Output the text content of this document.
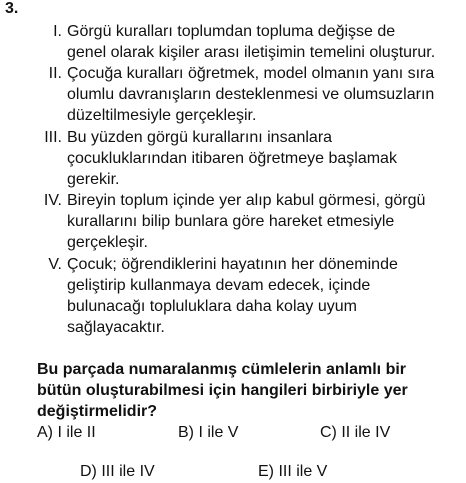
3.
I. Görgü kuralları toplumdan topluma değişse de
genel olarak kişiler arası iletişimin temelini oluşturur.
II. Çocuğa kuralları öğretmek, model olmanın yanı sıra
olumlu davranışların desteklenmesi ve olumsuzların
düzeltilmesiyle gerçekleşir.
III. Bu yüzden görgü kurallarını insanlara
çocukluklarından itibaren öğretmeye başlamak
gerekir.
IV. Bireyin toplum içinde yer alıp kabul görmesi, görgü
kurallarını bilip bunlara göre hareket etmesiyle
gerçekleşir.
V. Çocuk; öğrendiklerini hayatının her döneminde
geliştirip kullanmaya devam edecek, içinde
bulunacağı topluluklara daha kolay uyum
sağlayacaktır.
Bu parçada numaralanmış cümlelerin anlamlı bir
bütün oluşturabilmesi için hangileri birbiriyle yer
değiştirmelidir?
A) I ile II	B) I ile V	C) II ile IV
D) III ile IV	E) III ile V
